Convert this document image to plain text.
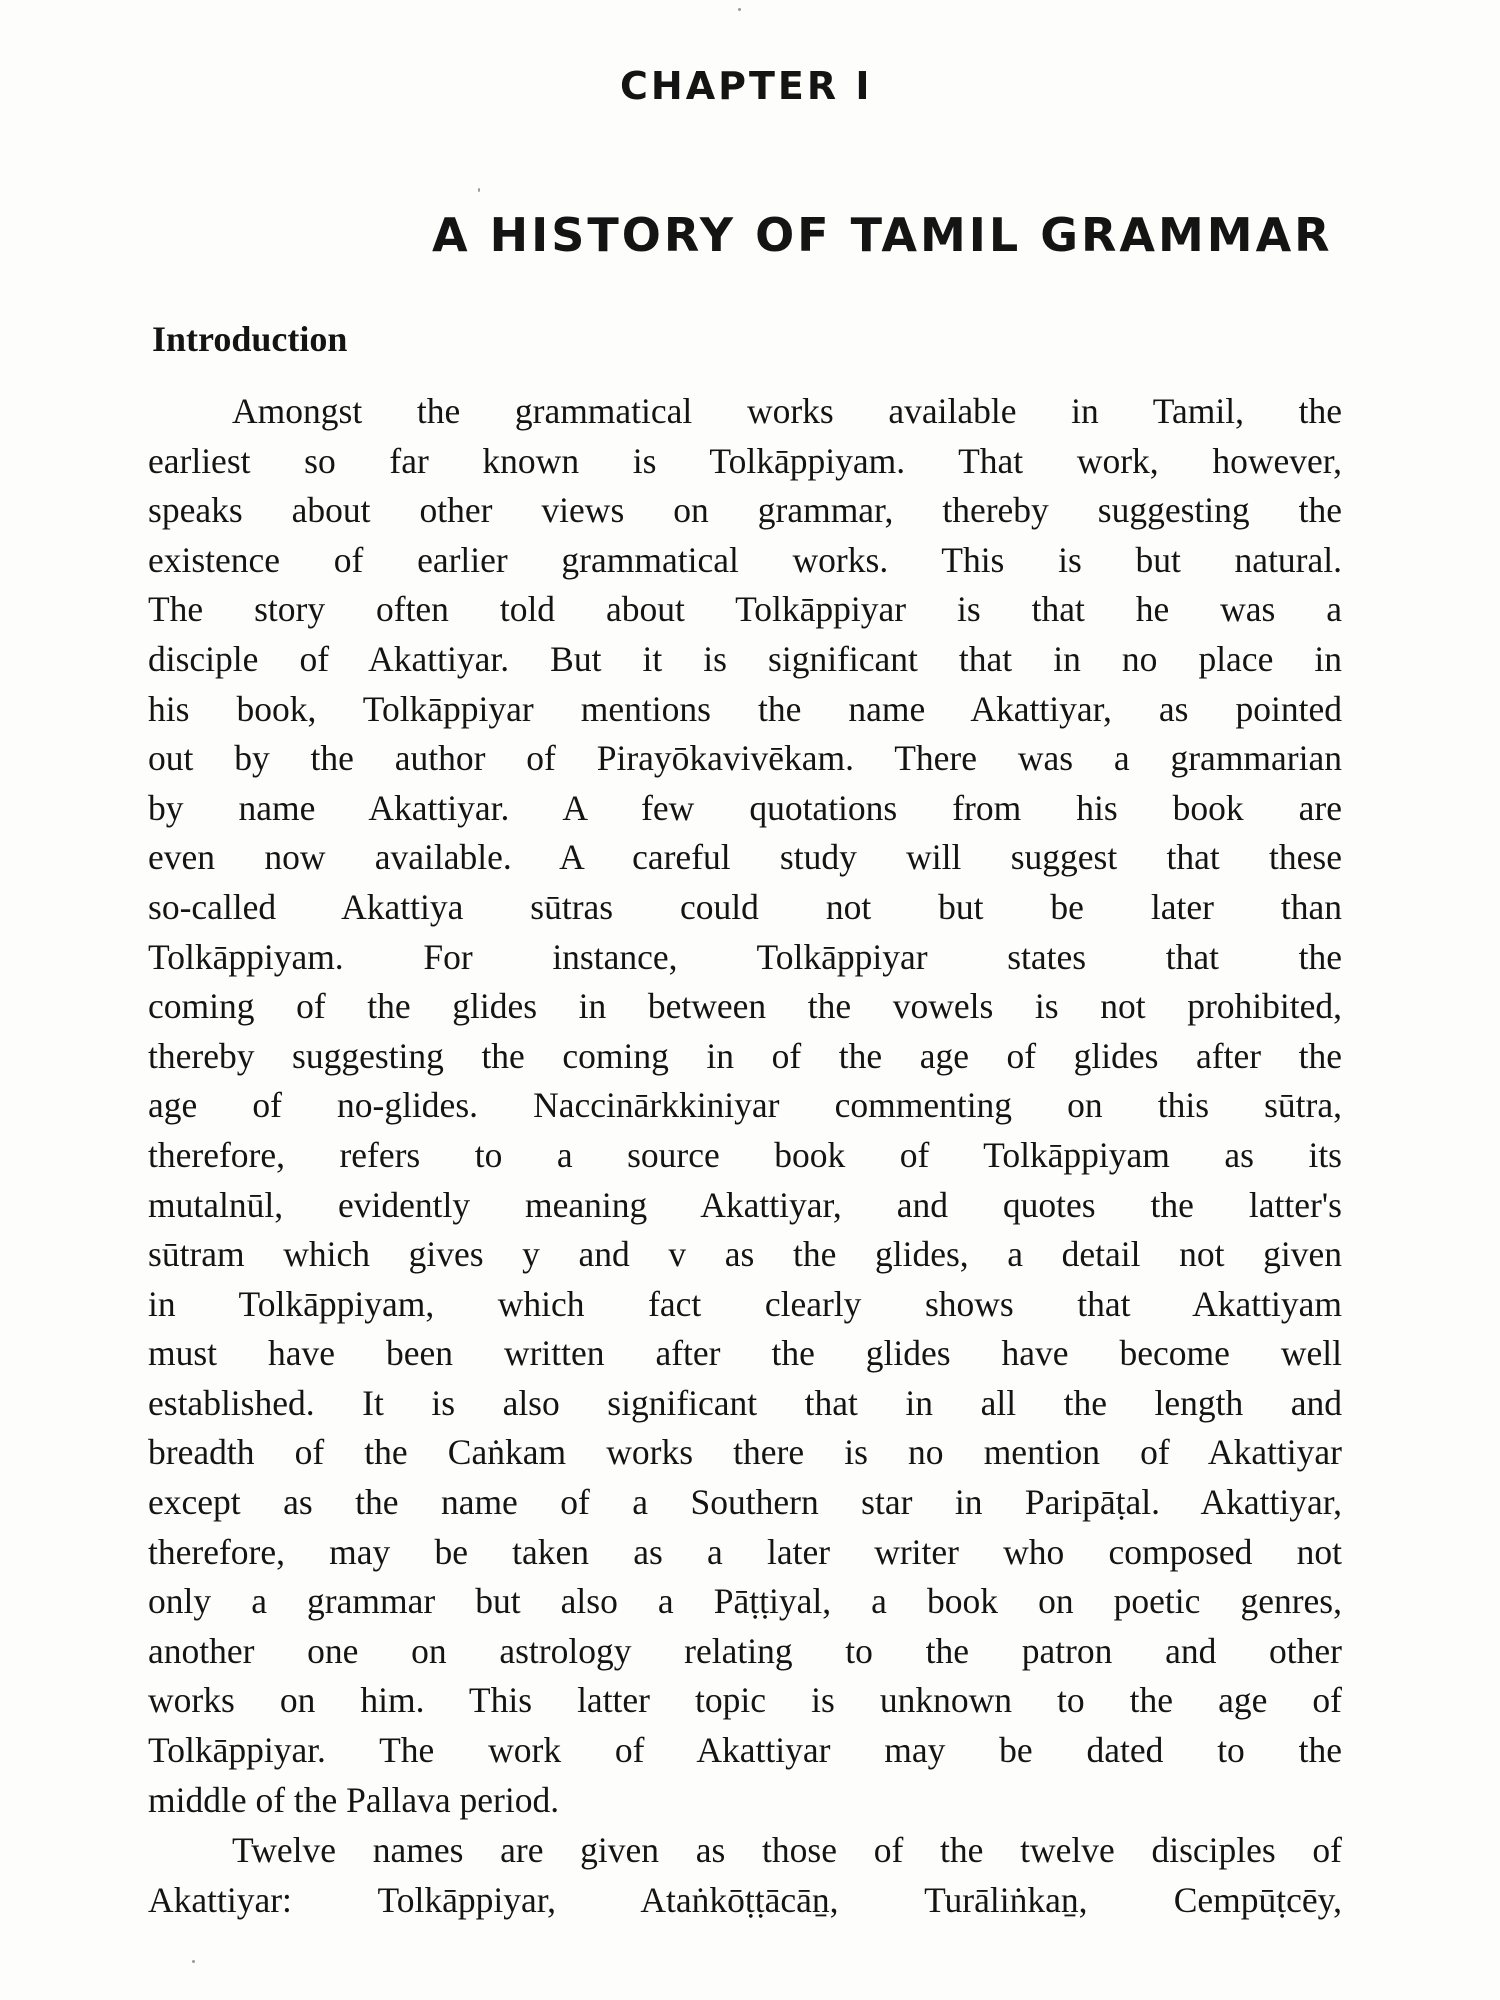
CHAPTER I
A HISTORY OF TAMIL GRAMMAR
Introduction
Amongst the grammatical works available in Tamil, the
earliest so far known is Tolkāppiyam. That work, however,
speaks about other views on grammar, thereby suggesting the
existence of earlier grammatical works. This is but natural.
The story often told about Tolkāppiyar is that he was a
disciple of Akattiyar. But it is significant that in no place in
his book, Tolkāppiyar mentions the name Akattiyar, as pointed
out by the author of Pirayōkavivēkam. There was a grammarian
by name Akattiyar. A few quotations from his book are
even now available. A careful study will suggest that these
so-called Akattiya sūtras could not but be later than
Tolkāppiyam. For instance, Tolkāppiyar states that the
coming of the glides in between the vowels is not prohibited,
thereby suggesting the coming in of the age of glides after the
age of no-glides. Naccinārkkiniyar commenting on this sūtra,
therefore, refers to a source book of Tolkāppiyam as its
mutalnūl, evidently meaning Akattiyar, and quotes the latter's
sūtram which gives y and v as the glides, a detail not given
in Tolkāppiyam, which fact clearly shows that Akattiyam
must have been written after the glides have become well
established. It is also significant that in all the length and
breadth of the Caṅkam works there is no mention of Akattiyar
except as the name of a Southern star in Paripāṭal. Akattiyar,
therefore, may be taken as a later writer who composed not
only a grammar but also a Pāṭṭiyal, a book on poetic genres,
another one on astrology relating to the patron and other
works on him. This latter topic is unknown to the age of
Tolkāppiyar. The work of Akattiyar may be dated to the
middle of the Pallava period.
Twelve names are given as those of the twelve disciples of
Akattiyar: Tolkāppiyar, Ataṅkōṭṭācāṉ, Turāliṅkaṉ, Cempūṭcēy,
